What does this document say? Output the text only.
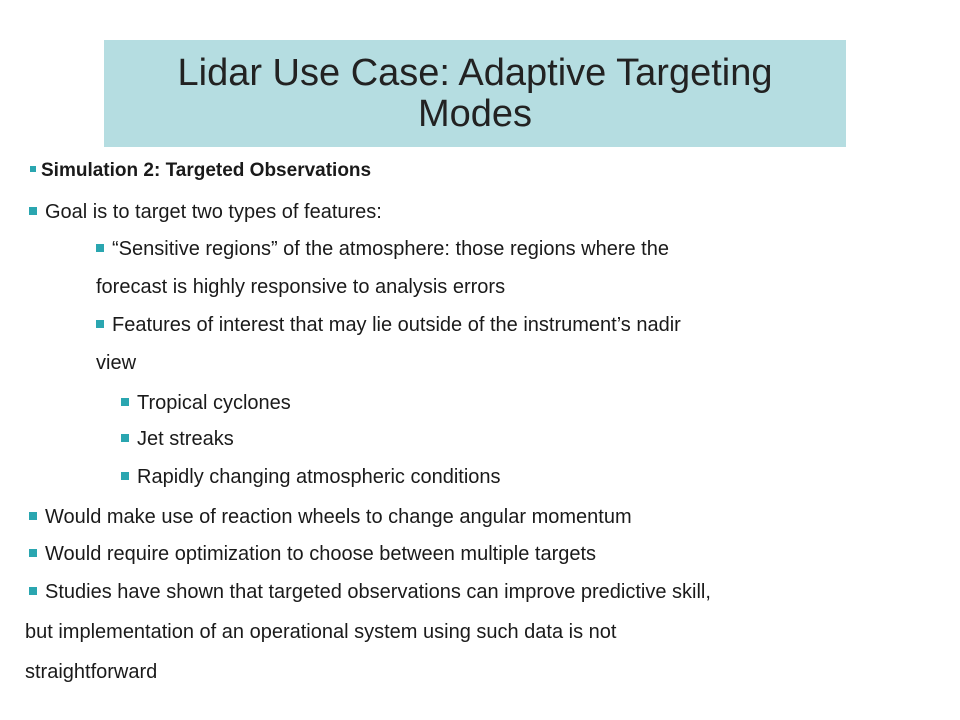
Lidar Use Case: Adaptive Targeting
Modes
Simulation 2: Targeted Observations
Goal is to target two types of features:
“Sensitive regions” of the atmosphere: those regions where the
forecast is highly responsive to analysis errors
Features of interest that may lie outside of the instrument’s nadir
view
Tropical cyclones
Jet streaks
Rapidly changing atmospheric conditions
Would make use of reaction wheels to change angular momentum
Would require optimization to choose between multiple targets
Studies have shown that targeted observations can improve predictive skill,
but implementation of an operational system using such data is not
straightforward
